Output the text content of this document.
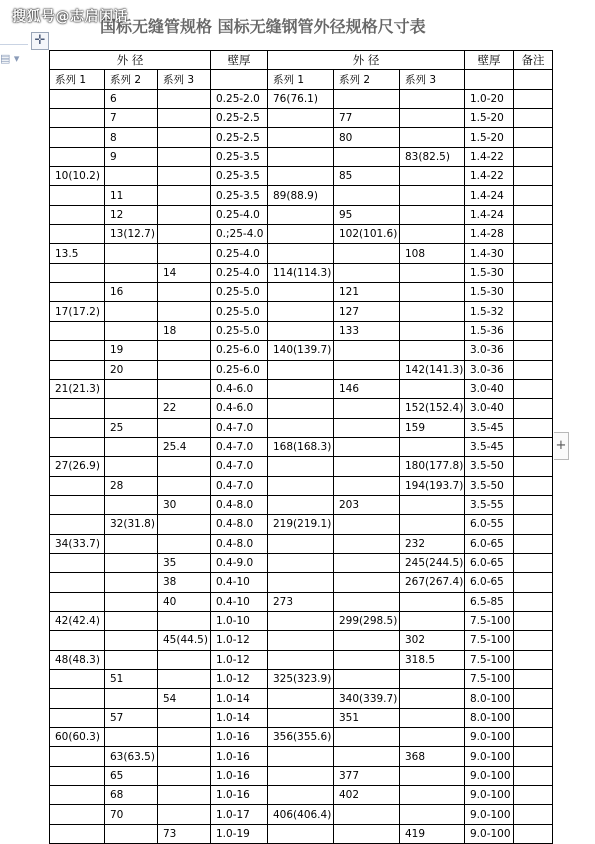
搜狐号@志启闲话
国标无缝管规格 国标无缝钢管外径规格尺寸表
▤ ▾
✛
+
外 径			壁厚	外 径			壁厚	备注
系列 1	系列 2	系列 3		系列 1	系列 2	系列 3		
	6		0.25-2.0	76(76.1)			1.0-20	
	7		0.25-2.5		77		1.5-20	
	8		0.25-2.5		80		1.5-20	
	9		0.25-3.5			83(82.5)	1.4-22	
10(10.2)			0.25-3.5		85		1.4-22	
	11		0.25-3.5	89(88.9)			1.4-24	
	12		0.25-4.0		95		1.4-24	
	13(12.7)		0.;25-4.0		102(101.6)		1.4-28	
13.5			0.25-4.0			108	1.4-30	
		14	0.25-4.0	114(114.3)			1.5-30	
	16		0.25-5.0		121		1.5-30	
17(17.2)			0.25-5.0		127		1.5-32	
		18	0.25-5.0		133		1.5-36	
	19		0.25-6.0	140(139.7)			3.0-36	
	20		0.25-6.0			142(141.3)	3.0-36	
21(21.3)			0.4-6.0		146		3.0-40	
		22	0.4-6.0			152(152.4)	3.0-40	
	25		0.4-7.0			159	3.5-45	
		25.4	0.4-7.0	168(168.3)			3.5-45	
27(26.9)			0.4-7.0			180(177.8)	3.5-50	
	28		0.4-7.0			194(193.7)	3.5-50	
		30	0.4-8.0		203		3.5-55	
	32(31.8)		0.4-8.0	219(219.1)			6.0-55	
34(33.7)			0.4-8.0			232	6.0-65	
		35	0.4-9.0			245(244.5)	6.0-65	
		38	0.4-10			267(267.4)	6.0-65	
		40	0.4-10	273			6.5-85	
42(42.4)			1.0-10		299(298.5)		7.5-100	
		45(44.5)	1.0-12			302	7.5-100	
48(48.3)			1.0-12			318.5	7.5-100	
	51		1.0-12	325(323.9)			7.5-100	
		54	1.0-14		340(339.7)		8.0-100	
	57		1.0-14		351		8.0-100	
60(60.3)			1.0-16	356(355.6)			9.0-100	
	63(63.5)		1.0-16			368	9.0-100	
	65		1.0-16		377		9.0-100	
	68		1.0-16		402		9.0-100	
	70		1.0-17	406(406.4)			9.0-100	
		73	1.0-19			419	9.0-100	
